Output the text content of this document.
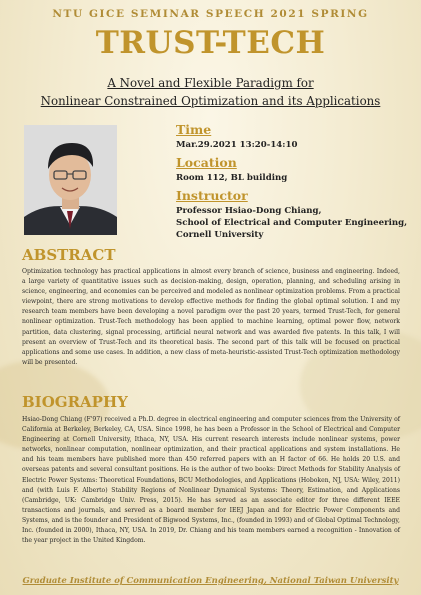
NTU GICE SEMINAR SPEECH 2021 SPRING
TRUST-TECH
A Novel and Flexible Paradigm for
Nonlinear Constrained Optimization and its Applications
Time
Mar.29.2021 13:20-14:10
Location
Room 112, BL building
Instructor
Professor Hsiao-Dong Chiang,
School of Electrical and Computer Engineering,
Cornell University
ABSTRACT
Optimization technology has practical applications in almost every branch of science, business and engineering. Indeed, a large variety of quantitative issues such as decision-making, design, operation, planning, and scheduling arising in science, engineering, and economies can be perceived and modeled as nonlinear optimization problems. From a practical viewpoint, there are strong motivations to develop effective methods for finding the global optimal solution. I and my research team members have been developing a novel paradigm over the past 20 years, termed Trust-Tech, for general nonlinear optimization. Trust-Tech methodology has been applied to machine learning, optimal power flow, network partition, data clustering, signal processing, artificial neural network and was awarded five patents. In this talk, I will present an overview of Trust-Tech and its theoretical basis. The second part of this talk will be focused on practical applications and some use cases. In addition, a new class of meta-heuristic-assisted Trust-Tech optimization methodology will be presented.
BIOGRAPHY
Hsiao-Dong Chiang (F'97) received a Ph.D. degree in electrical engineering and computer sciences from the University of California at Berkeley, Berkeley, CA, USA. Since 1998, he has been a Professor in the School of Electrical and Computer Engineering at Cornell University, Ithaca, NY, USA. His current research interests include nonlinear systems, power networks, nonlinear computation, nonlinear optimization, and their practical applications and system installations. He and his team members have published more than 450 referred papers with an H factor of 66. He holds 20 U.S. and overseas patents and several consultant positions. He is the author of two books: Direct Methods for Stability Analysis of Electric Power Systems: Theoretical Foundations, BCU Methodologies, and Applications (Hoboken, NJ, USA: Wiley, 2011) and (with Luis F. Alberto) Stability Regions of Nonlinear Dynamical Systems: Theory, Estimation, and Applications (Cambridge, UK: Cambridge Univ. Press, 2015). He has served as an associate editor for three different IEEE transactions and journals, and served as a board member for IEEJ Japan and for Electric Power Components and Systems, and is the founder and President of Bigwood Systems, Inc., (founded in 1993) and of Global Optimal Technology, Inc. (founded in 2000), Ithaca, NY, USA. In 2019, Dr. Chiang and his team members earned a recognition - Innovation of the year project in the United Kingdom.
Graduate Institute of Communication Engineering, National Taiwan University
